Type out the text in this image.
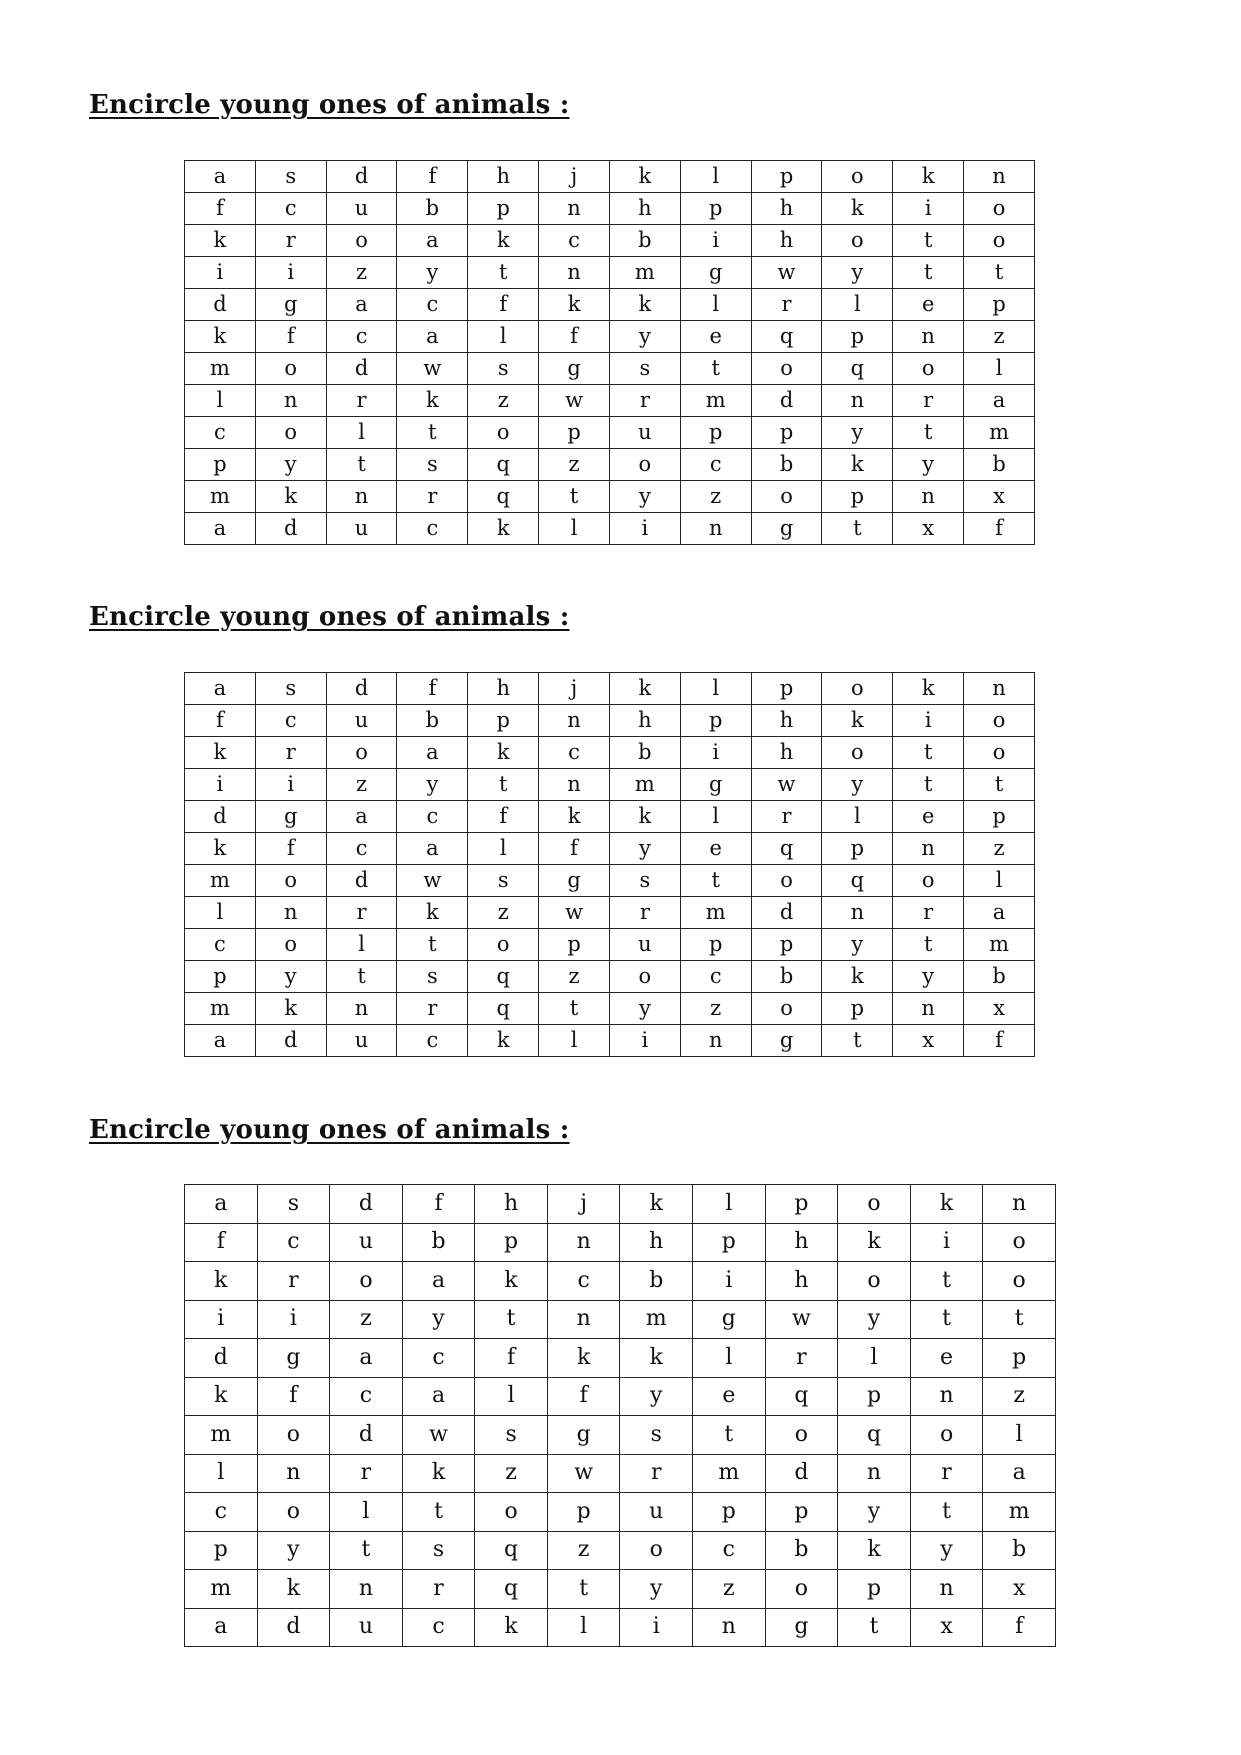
Encircle young ones of animals :
a	s	d	f	h	j	k	l	p	o	k	n
f	c	u	b	p	n	h	p	h	k	i	o
k	r	o	a	k	c	b	i	h	o	t	o
i	i	z	y	t	n	m	g	w	y	t	t
d	g	a	c	f	k	k	l	r	l	e	p
k	f	c	a	l	f	y	e	q	p	n	z
m	o	d	w	s	g	s	t	o	q	o	l
l	n	r	k	z	w	r	m	d	n	r	a
c	o	l	t	o	p	u	p	p	y	t	m
p	y	t	s	q	z	o	c	b	k	y	b
m	k	n	r	q	t	y	z	o	p	n	x
a	d	u	c	k	l	i	n	g	t	x	f
Encircle young ones of animals :
a	s	d	f	h	j	k	l	p	o	k	n
f	c	u	b	p	n	h	p	h	k	i	o
k	r	o	a	k	c	b	i	h	o	t	o
i	i	z	y	t	n	m	g	w	y	t	t
d	g	a	c	f	k	k	l	r	l	e	p
k	f	c	a	l	f	y	e	q	p	n	z
m	o	d	w	s	g	s	t	o	q	o	l
l	n	r	k	z	w	r	m	d	n	r	a
c	o	l	t	o	p	u	p	p	y	t	m
p	y	t	s	q	z	o	c	b	k	y	b
m	k	n	r	q	t	y	z	o	p	n	x
a	d	u	c	k	l	i	n	g	t	x	f
Encircle young ones of animals :
a	s	d	f	h	j	k	l	p	o	k	n
f	c	u	b	p	n	h	p	h	k	i	o
k	r	o	a	k	c	b	i	h	o	t	o
i	i	z	y	t	n	m	g	w	y	t	t
d	g	a	c	f	k	k	l	r	l	e	p
k	f	c	a	l	f	y	e	q	p	n	z
m	o	d	w	s	g	s	t	o	q	o	l
l	n	r	k	z	w	r	m	d	n	r	a
c	o	l	t	o	p	u	p	p	y	t	m
p	y	t	s	q	z	o	c	b	k	y	b
m	k	n	r	q	t	y	z	o	p	n	x
a	d	u	c	k	l	i	n	g	t	x	f
